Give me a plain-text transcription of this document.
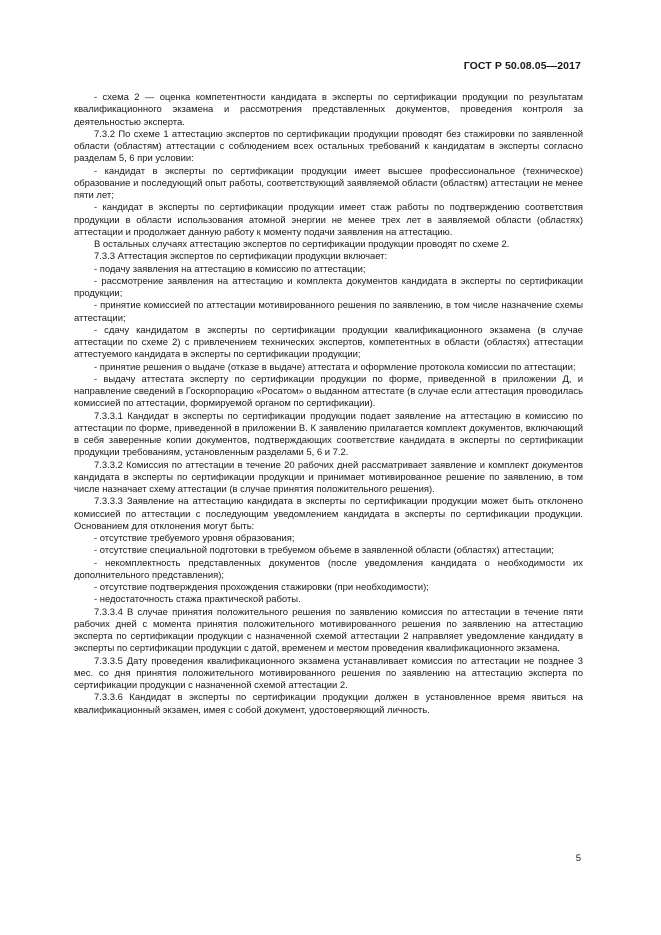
ГОСТ Р 50.08.05—2017

- схема 2 — оценка компетентности кандидата в эксперты по сертификации продукции по результатам квалификационного экзамена и рассмотрения представленных документов, проведения контроля за деятельностью эксперта.

7.3.2 По схеме 1 аттестацию экспертов по сертификации продукции проводят без стажировки по заявленной области (областям) аттестации с соблюдением всех остальных требований к кандидатам в эксперты согласно разделам 5, 6 при условии:

- кандидат в эксперты по сертификации продукции имеет высшее профессиональное (техническое) образование и последующий опыт работы, соответствующий заявляемой области (областям) аттестации не менее пяти лет;

- кандидат в эксперты по сертификации продукции имеет стаж работы по подтверждению соответствия продукции в области использования атомной энергии не менее трех лет в заявляемой области (областях) аттестации и продолжает данную работу к моменту подачи заявления на аттестацию.

В остальных случаях аттестацию экспертов по сертификации продукции проводят по схеме 2.

7.3.3 Аттестация экспертов по сертификации продукции включает:

- подачу заявления на аттестацию в комиссию по аттестации;

- рассмотрение заявления на аттестацию и комплекта документов кандидата в эксперты по сертификации продукции;

- принятие комиссией по аттестации мотивированного решения по заявлению, в том числе назначение схемы аттестации;

- сдачу кандидатом в эксперты по сертификации продукции квалификационного экзамена (в случае аттестации по схеме 2) с привлечением технических экспертов, компетентных в области (областях) аттестации аттестуемого кандидата в эксперты по сертификации продукции;

- принятие решения о выдаче (отказе в выдаче) аттестата и оформление протокола комиссии по аттестации;

- выдачу аттестата эксперту по сертификации продукции по форме, приведенной в приложении Д, и направление сведений в Госкорпорацию «Росатом» о выданном аттестате (в случае если аттестация проводилась комиссией по аттестации, формируемой органом по сертификации).

7.3.3.1 Кандидат в эксперты по сертификации продукции подает заявление на аттестацию в комиссию по аттестации по форме, приведенной в приложении В. К заявлению прилагается комплект документов, включающий в себя заверенные копии документов, подтверждающих соответствие кандидата в эксперты по сертификации продукции требованиям, установленным разделами 5, 6 и 7.2.

7.3.3.2 Комиссия по аттестации в течение 20 рабочих дней рассматривает заявление и комплект документов кандидата в эксперты по сертификации продукции и принимает мотивированное решение по заявлению, в том числе назначает схему аттестации (в случае принятия положительного решения).

7.3.3.3 Заявление на аттестацию кандидата в эксперты по сертификации продукции может быть отклонено комиссией по аттестации с последующим уведомлением кандидата в эксперты по сертификации продукции. Основанием для отклонения могут быть:

- отсутствие требуемого уровня образования;

- отсутствие специальной подготовки в требуемом объеме в заявленной области (областях) аттестации;

- некомплектность представленных документов (после уведомления кандидата о необходимости их дополнительного представления);

- отсутствие подтверждения прохождения стажировки (при необходимости);

- недостаточность стажа практической работы.

7.3.3.4 В случае принятия положительного решения по заявлению комиссия по аттестации в течение пяти рабочих дней с момента принятия положительного мотивированного решения по заявлению на аттестацию эксперта по сертификации продукции с назначенной схемой аттестации 2 направляет уведомление кандидату в эксперты по сертификации продукции с датой, временем и местом проведения квалификационного экзамена.

7.3.3.5 Дату проведения квалификационного экзамена устанавливает комиссия по аттестации не позднее 3 мес. со дня принятия положительного мотивированного решения по заявлению на аттестацию эксперта по сертификации продукции с назначенной схемой аттестации 2.

7.3.3.6 Кандидат в эксперты по сертификации продукции должен в установленное время явиться на квалификационный экзамен, имея с собой документ, удостоверяющий личность.

5
